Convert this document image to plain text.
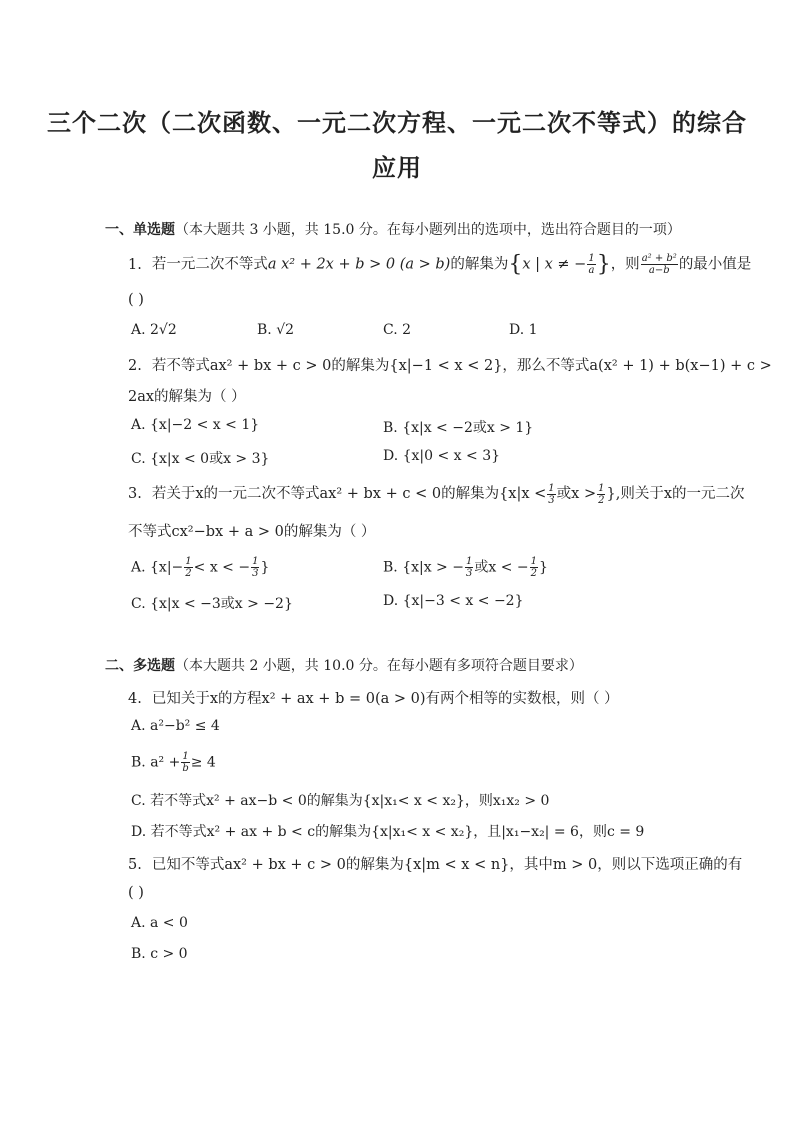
三个二次（二次函数、一元二次方程、一元二次不等式）的综合
应用
一、单选题（本大题共 3 小题，共 15.0 分。在每小题列出的选项中，选出符合题目的一项）
1. 若一元二次不等式a x² + 2x + b > 0 (a > b)的解集为{x | x ≠ − $\frac{1}{a}$ }，则 $\frac{\text{a² + b²}}{a-b}$ 的最小值是
( )
A. 2√2	B. √2	C. 2	D. 1
2. 若不等式ax² + bx + c > 0的解集为{x|−1 < x < 2}，那么不等式a(x² + 1) + b(x−1) + c >
2ax的解集为（ ）
A. {x|−2 < x < 1}	B. {x|x < −2或x > 1}
C. {x|x < 0或x > 3}	D. {x|0 < x < 3}
3. 若关于x的一元二次不等式ax² + bx + c < 0的解集为{$x|x < \frac{1}{3}$ 或$x > \frac{1}{2}$ },则关于x的一元二次
不等式cx²−bx + a > 0的解集为（ ）
A. {$x|- \frac{1}{2} < x$ < − $\frac{1}{3}$ }	B. {x|x > − $\frac{1}{3}$ 或x < − $\frac{1}{2}$ }
C. {x|x < −3或x > −2}	D. {x|−3 < x < −2}
二、多选题（本大题共 2 小题，共 10.0 分。在每小题有多项符合题目要求）
4. 已知关于x的方程x² + ax + b = 0(a > 0)有两个相等的实数根，则（ ）
A. a²−b² ≤ 4
B. $a^2 + \frac{1}{b} \ge 4$
C. 若不等式x² + ax−b < 0的解集为{x|x₁< x < x₂}，则x₁x₂ > 0
D. 若不等式x² + ax + b < c的解集为{x|x₁< x < x₂}，且|x₁−x₂| = 6，则c = 9
5. 已知不等式ax² + bx + c > 0的解集为{x|m < x < n}，其中m > 0，则以下选项正确的有
( )
A. a < 0
B. c > 0
